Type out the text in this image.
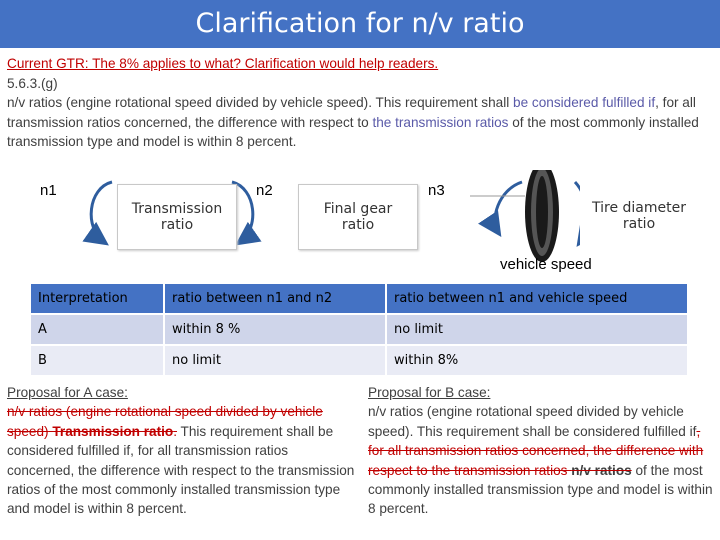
Clarification for n/v ratio
Current GTR: The 8% applies to what? Clarification would help readers.
5.6.3.(g)
n/v ratios (engine rotational speed divided by vehicle speed). This requirement shall be considered fulfilled if, for all transmission ratios concerned, the difference with respect to the transmission ratios of the most commonly installed transmission type and model is within 8 percent.
n1	n2	n3
Transmission
ratio
Final gear
ratio
Tire diameter
ratio
vehicle speed
Interpretation	ratio between n1 and n2	ratio between n1 and vehicle speed
A	within 8 %	no limit
B	no limit	within 8%
Proposal for A case:
n/v ratios (engine rotational speed divided by vehicle speed) Transmission ratio. This requirement shall be considered fulfilled if, for all transmission ratios concerned, the difference with respect to the transmission ratios of the most commonly installed transmission type and model is within 8 percent.
Proposal for B case:
n/v ratios (engine rotational speed divided by vehicle speed). This requirement shall be considered fulfilled if, for all transmission ratios concerned, the difference with respect to the transmission ratios n/v ratios of the most commonly installed transmission type and model is within 8 percent.
